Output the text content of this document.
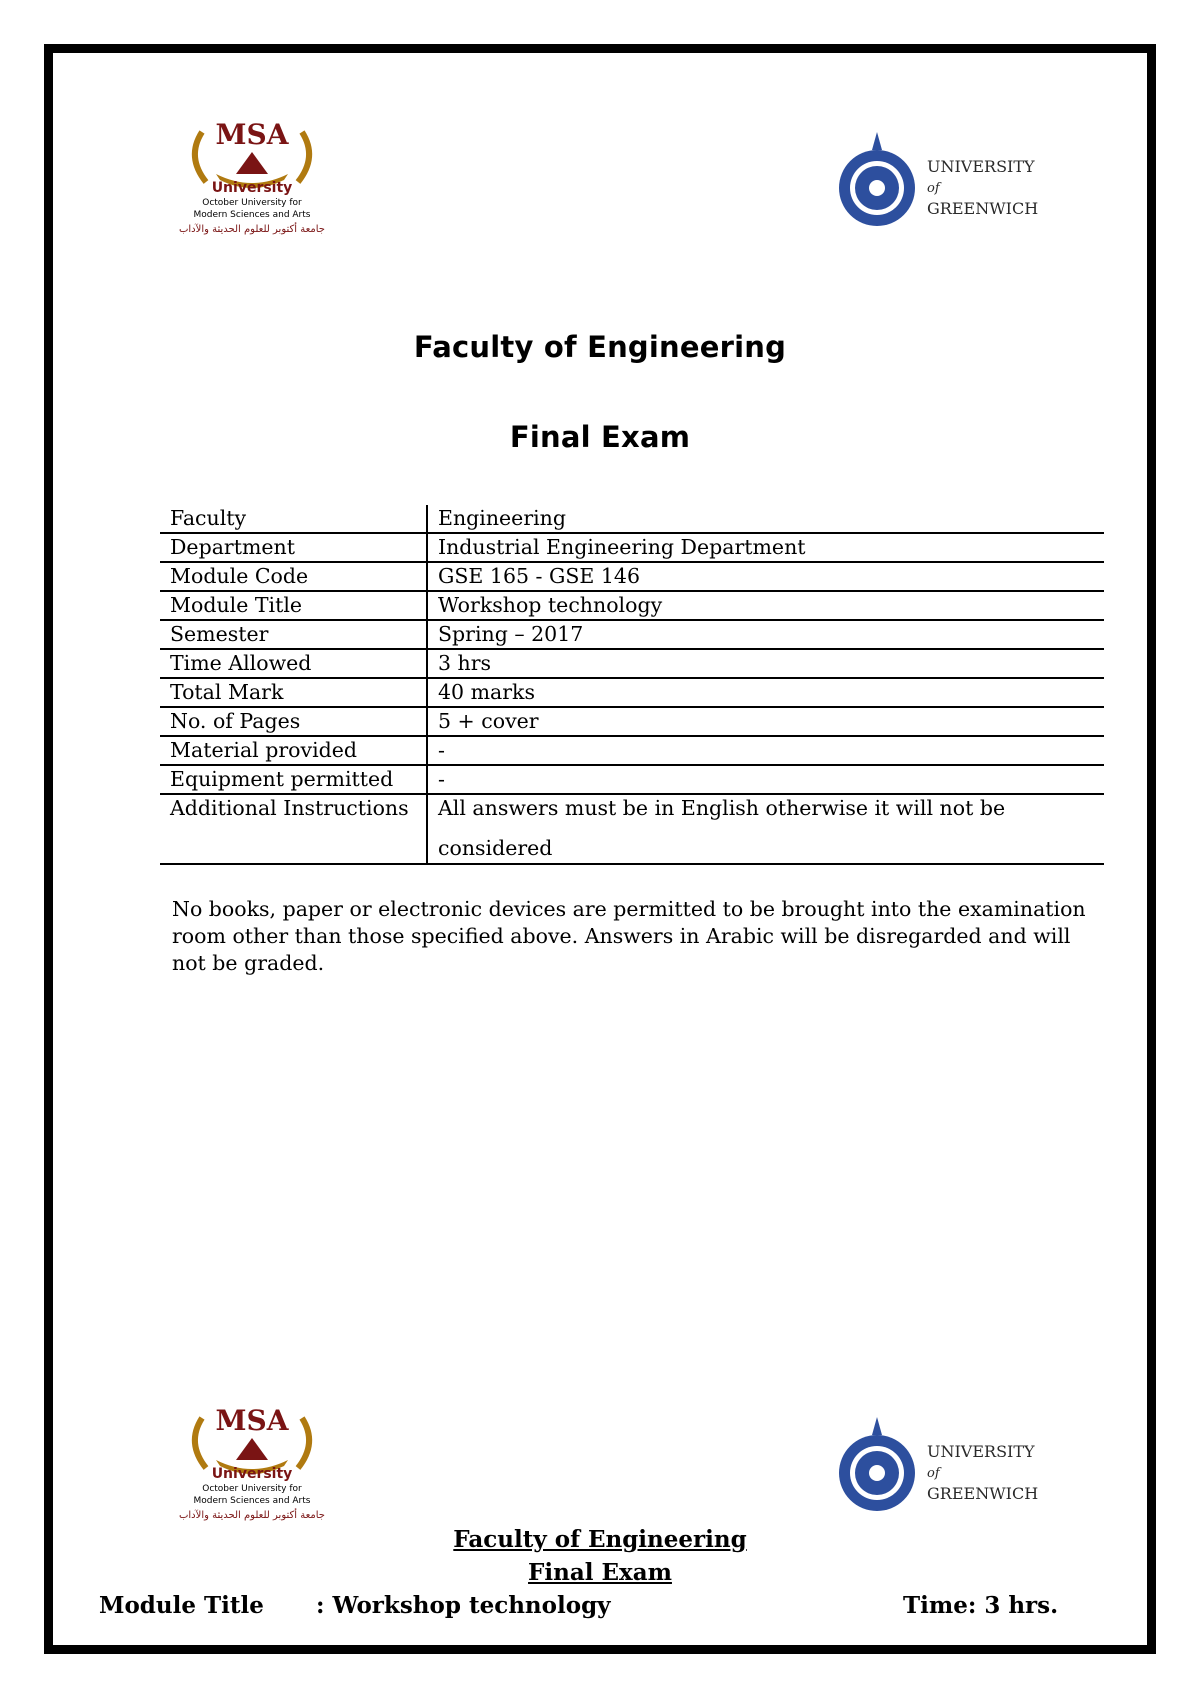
MSA
University
October University for
Modern Sciences and Arts
جامعة أكتوبر للعلوم الحديثة والآداب
UNIVERSITY
of
GREENWICH
Faculty of Engineering
Final Exam
Faculty	Engineering
Department	Industrial Engineering Department
Module Code	GSE 165 - GSE 146
Module Title	Workshop technology
Semester	Spring – 2017
Time Allowed	3 hrs
Total Mark	40 marks
No. of Pages	5 + cover
Material provided	-
Equipment permitted	-
Additional Instructions	All answers must be in English otherwise it will not be
considered
No books, paper or electronic devices are permitted to be brought into the examination room other than those specified above. Answers in Arabic will be disregarded and will not be graded.
MSA
University
October University for
Modern Sciences and Arts
جامعة أكتوبر للعلوم الحديثة والآداب
UNIVERSITY
of
GREENWICH
Faculty of Engineering
Final Exam
Module Title : Workshop technology	Time: 3 hrs.
